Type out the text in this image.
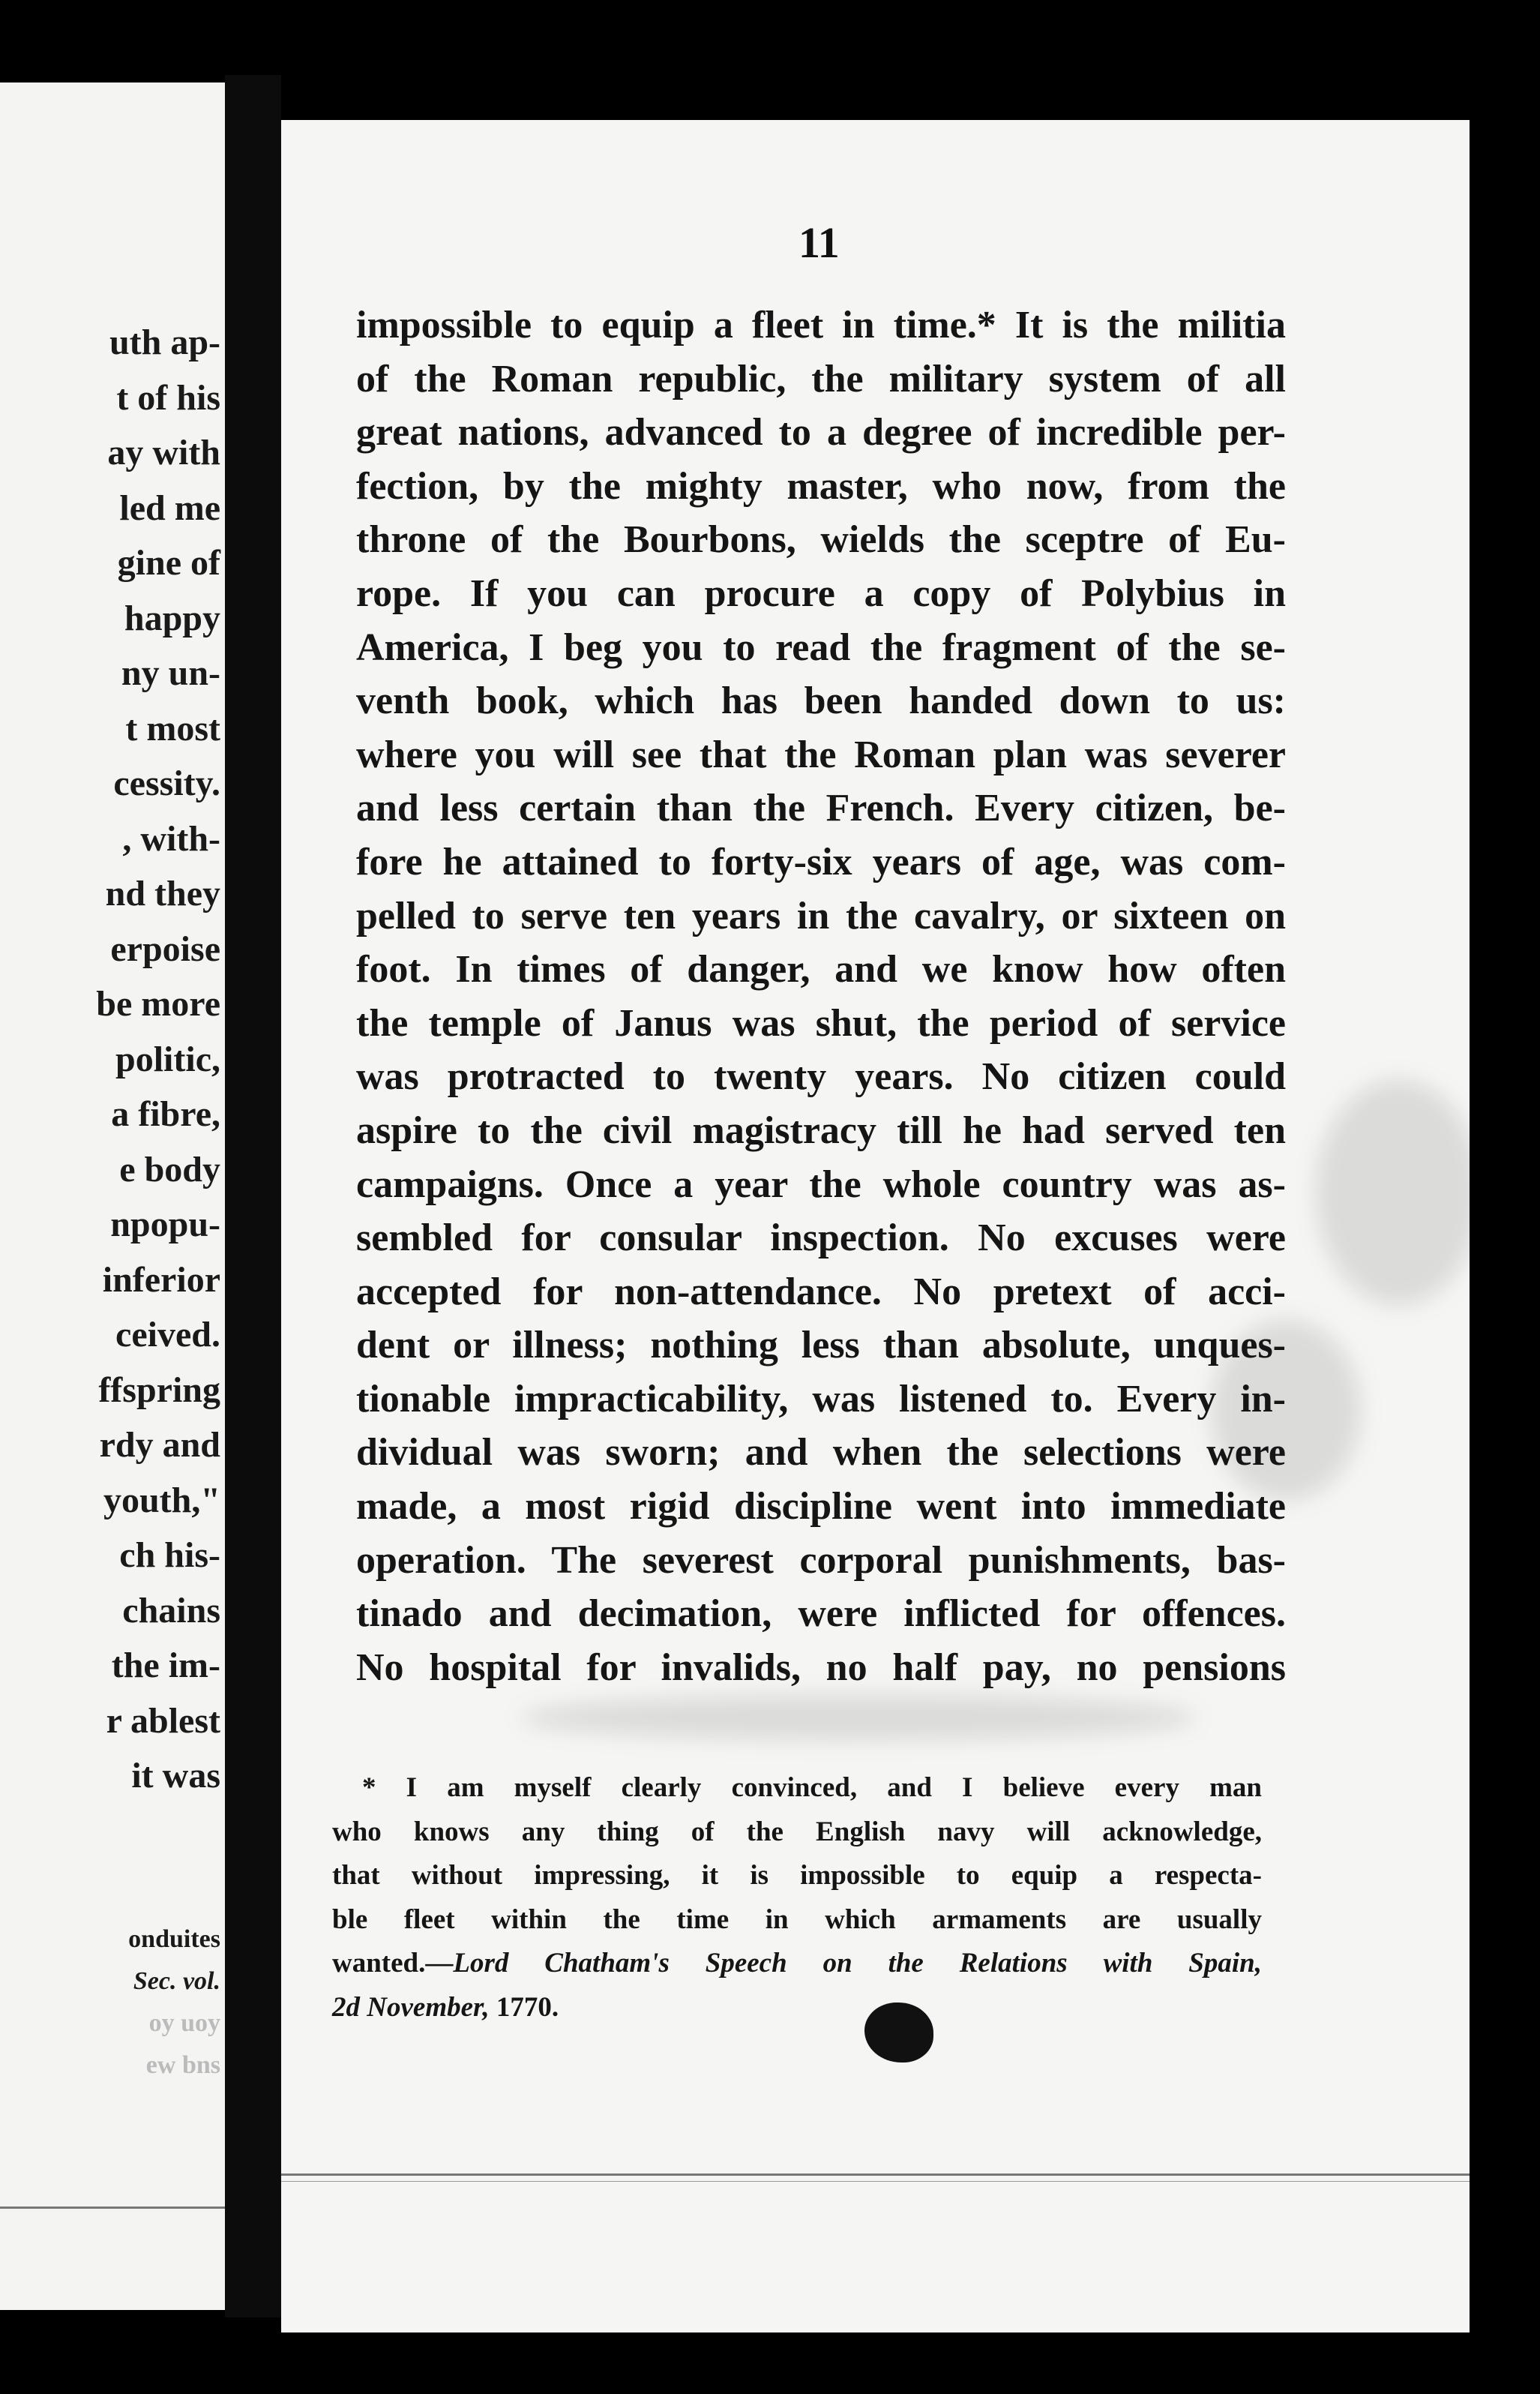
uth ap-
t of his
ay with
led me
gine of
happy
ny un-
t most
cessity.
, with-
nd they
erpoise
be more
politic,
a fibre,
e body
npopu-
inferior
ceived.
ffspring
rdy and
youth,"
ch his-
chains
the im-
r ablest
it was
onduites
Sec. vol.
oy uoy
ew bns
11
impossible to equip a fleet in time.* It is the militia
of the Roman republic, the military system of all
great nations, advanced to a degree of incredible per-
fection, by the mighty master, who now, from the
throne of the Bourbons, wields the sceptre of Eu-
rope. If you can procure a copy of Polybius in
America, I beg you to read the fragment of the se-
venth book, which has been handed down to us:
where you will see that the Roman plan was severer
and less certain than the French. Every citizen, be-
fore he attained to forty-six years of age, was com-
pelled to serve ten years in the cavalry, or sixteen on
foot. In times of danger, and we know how often
the temple of Janus was shut, the period of service
was protracted to twenty years. No citizen could
aspire to the civil magistracy till he had served ten
campaigns. Once a year the whole country was as-
sembled for consular inspection. No excuses were
accepted for non-attendance. No pretext of acci-
dent or illness; nothing less than absolute, unques-
tionable impracticability, was listened to. Every in-
dividual was sworn; and when the selections were
made, a most rigid discipline went into immediate
operation. The severest corporal punishments, bas-
tinado and decimation, were inflicted for offences.
No hospital for invalids, no half pay, no pensions
* I am myself clearly convinced, and I believe every man
who knows any thing of the English navy will acknowledge,
that without impressing, it is impossible to equip a respecta-
ble fleet within the time in which armaments are usually
wanted.—Lord Chatham's Speech on the Relations with Spain,
2d November, 1770.
